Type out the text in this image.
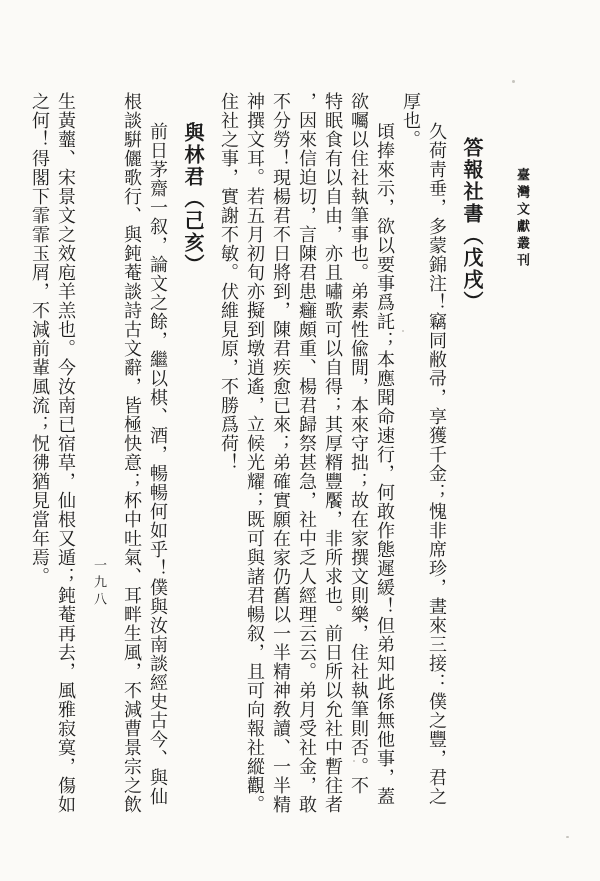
臺灣文獻叢刊
答報社書（戊戌）
久荷靑垂，多蒙錦注！竊同敝帚，享獲千金；愧非席珍，晝來三接：僕之豐，君之
厚也。
頃捧來示，欲以要事爲託；本應聞命速行，何敢作態遲緩！但弟知此係無他事，蓋
欲囑以住社執筆事也。弟素性偸閒，本來守拙；故在家撰文則樂，住社執筆則否。不
特眠食有以自由，亦且嘯歌可以自得；其厚糈豐饜，非所求也。前日所以允社中暫往者
，因來信迫切，言陳君患癰頗重、楊君歸祭甚急，社中乏人經理云云。弟月受社金，敢
不分勞！現楊君不日將到，陳君疾愈已來；弟確實願在家仍舊以一半精神敎讀、一半精
神撰文耳。若五月初旬亦擬到墩逍遙，立候光耀；既可與諸君暢叙，且可向報社縱觀。
住社之事，實謝不敏。伏維見原，不勝爲荷！
與林君（己亥）
前日茅齋一叙，論文之餘，繼以棋、酒，暢暢何如乎！僕與汝南談經史古今、與仙
根談騈儷歌行、與鈍菴談詩古文辭，皆極快意；杯中吐氣、耳畔生風，不減曹景宗之飲
一九八
生黃虀、宋景文之效庖羊羔也。今汝南已宿草，仙根又遁；鈍菴再去，風雅寂寞，傷如
之何！得閣下霏霏玉屑，不減前輩風流；怳彿猶見當年焉。
